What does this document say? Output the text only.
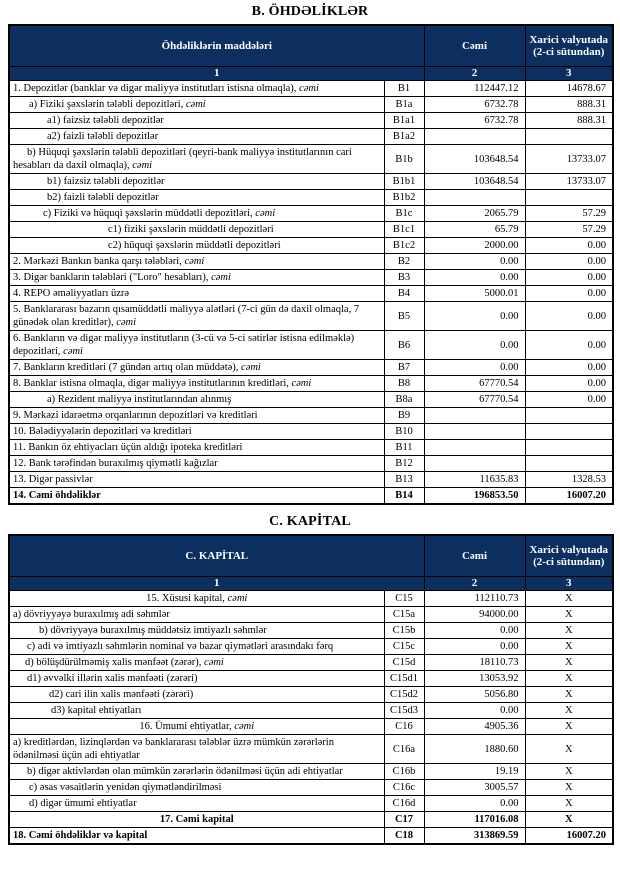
B. ÖHDƏLİKLƏR
Öhdəliklərin maddələri		Cəmi	Xarici valyutada (2-ci sütundan)
1		2	3
1. Depozitlər (banklar və digər maliyyə institutları istisna olmaqla), cəmi	B1	112447.12	14678.67
a) Fiziki şəxslərin tələbli depozitləri, cəmi	B1a	6732.78	888.31
a1) faizsiz tələbli depozitlər	B1a1	6732.78	888.31
a2) faizli tələbli depozitlər	B1a2		
b) Hüquqi şəxslərin tələbli depozitləri (qeyri-bank maliyyə institutlarının cari hesabları da daxil olmaqla), cəmi	B1b	103648.54	13733.07
b1) faizsiz tələbli depozitlər	B1b1	103648.54	13733.07
b2) faizli tələbli depozitlər	B1b2		
c) Fiziki və hüquqi şəxslərin müddətli depozitləri, cəmi	B1c	2065.79	57.29
c1) fiziki şəxslərin müddətli depozitləri	B1c1	65.79	57.29
c2) hüquqi şəxslərin müddətli depozitləri	B1c2	2000.00	0.00
2. Mərkəzi Bankın banka qarşı tələbləri, cəmi	B2	0.00	0.00
3. Digər bankların tələbləri ("Loro" hesabları), cəmi	B3	0.00	0.00
4. REPO əməliyyatları üzrə	B4	5000.01	0.00
5. Banklararası bazarın qısamüddətli maliyyə alətləri (7-ci gün də daxil olmaqla, 7 günədək olan kreditlər), cəmi	B5	0.00	0.00
6. Bankların və digər maliyyə institutların (3-cü və 5-ci sətirlər istisna edilməklə) depozitləri, cəmi	B6	0.00	0.00
7. Bankların kreditləri (7 gündən artıq olan müddətə), cəmi	B7	0.00	0.00
8. Banklar istisna olmaqla, digər maliyyə institutlarının kreditləri, cəmi	B8	67770.54	0.00
a) Rezident maliyyə institutlarından alınmış	B8a	67770.54	0.00
9. Mərkəzi idarəetmə orqanlarının depozitləri və kreditləri	B9		
10. Bələdiyyələrin depozitləri və kreditləri	B10		
11. Bankın öz ehtiyacları üçün aldığı ipoteka kreditləri	B11		
12. Bank tərəfindən buraxılmış qiymətli kağızlar	B12		
13. Digər passivlər	B13	11635.83	1328.53
14. Cəmi öhdəliklər	B14	196853.50	16007.20
C. KAPİTAL
C. KAPİTAL		Cəmi	Xarici valyutada (2-ci sütundan)
1		2	3
15. Xüsusi kapital, cəmi	C15	112110.73	X
a) dövriyyəyə buraxılmış adi səhmlər	C15a	94000.00	X
b) dövriyyəyə buraxılmış müddətsiz imtiyazlı səhmlər	C15b	0.00	X
c) adi və imtiyazlı səhmlərin nominal və bazar qiymətləri arasındakı fərq	C15c	0.00	X
d) bölüşdürülməmiş xalis mənfəət (zərər), cəmi	C15d	18110.73	X
d1) əvvəlki illərin xalis mənfəəti (zərəri)	C15d1	13053.92	X
d2) cari ilin xalis mənfəəti (zərəri)	C15d2	5056.80	X
d3) kapital ehtiyatları	C15d3	0.00	X
16. Ümumi ehtiyatlar, cəmi	C16	4905.36	X
a) kreditlərdən, lizinqlərdən və banklararası tələblər üzrə mümkün zərərlərin ödənilməsi üçün adi ehtiyatlar	C16a	1880.60	X
b) digər aktivlərdən olan mümkün zərərlərin ödənilməsi üçün adi ehtiyatlar	C16b	19.19	X
c) əsas vəsaitlərin yenidən qiymətləndirilməsi	C16c	3005.57	X
d) digər ümumi ehtiyatlar	C16d	0.00	X
17. Cəmi kapital	C17	117016.08	X
18. Cəmi öhdəliklər və kapital	C18	313869.59	16007.20
